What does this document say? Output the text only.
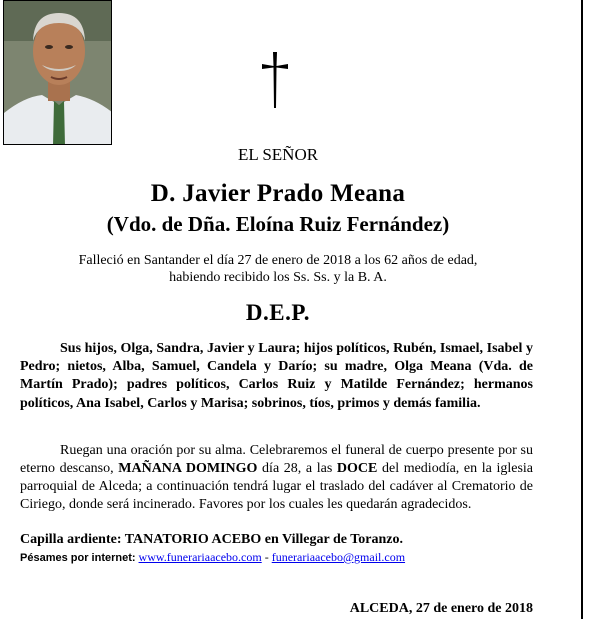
EL SEÑOR
D. Javier Prado Meana
(Vdo. de Dña. Eloína Ruiz Fernández)
Falleció en Santander el día 27 de enero de 2018 a los 62 años de edad,
habiendo recibido los Ss. Ss. y la B. A.
D.E.P.
Sus hijos, Olga, Sandra, Javier y Laura; hijos políticos, Rubén, Ismael, Isabel y Pedro; nietos, Alba, Samuel, Candela y Darío; su madre, Olga Meana (Vda. de Martín Prado); padres políticos, Carlos Ruiz y Matilde Fernández; hermanos políticos, Ana Isabel, Carlos y Marisa; sobrinos, tíos, primos y demás familia.
Ruegan una oración por su alma. Celebraremos el funeral de cuerpo presente por su eterno descanso, MAÑANA DOMINGO día 28, a las DOCE del mediodía, en la iglesia parroquial de Alceda; a continuación tendrá lugar el traslado del cadáver al Crematorio de Ciriego, donde será incinerado. Favores por los cuales les quedarán agradecidos.
Capilla ardiente: TANATORIO ACEBO en Villegar de Toranzo.
Pésames por internet: www.funerariaacebo.com - funerariaacebo@gmail.com
ALCEDA, 27 de enero de 2018
